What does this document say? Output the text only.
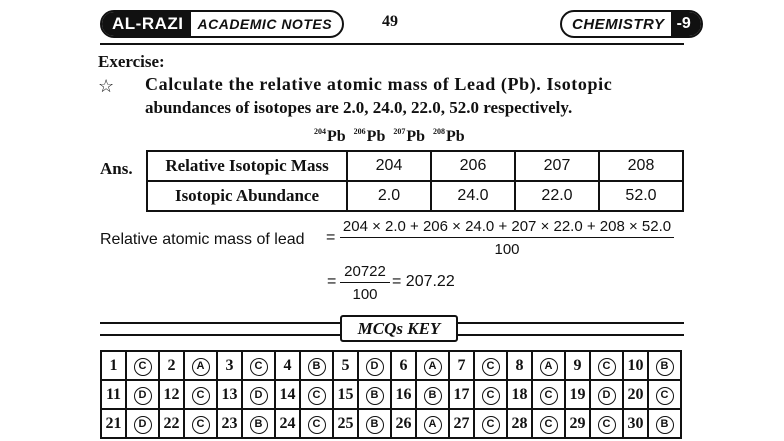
AL-RAZI	ACADEMIC NOTES	49	CHEMISTRY -9
Exercise:
☆ Calculate the relative atomic mass of Lead (Pb). Isotopic
abundances of isotopes are 2.0, 24.0, 22.0, 52.0 respectively.
$^{204}$Pb $^{206}$Pb $^{207}$Pb $^{208}$Pb
Ans. Relative Isotopic Mass	204	206	207	208
Isotopic Abundance	2.0	24.0	22.0	52.0
Relative atomic mass of lead = $\frac{204 \times 2.0 + 206 \times 24.0 + 207 \times 22.0 + 208 \times 52.0}{100}$
= $\frac{20722}{100} = 207.22$
MCQs KEY
1	C	2	A	3	C	4	B	5	D	6	A	7	C	8	A	9	C	10	B
11	D	12	C	13	D	14	C	15	B	16	B	17	C	18	C	19	D	20	C
21	D	22	C	23	B	24	C	25	B	26	A	27	C	28	C	29	C	30	B
